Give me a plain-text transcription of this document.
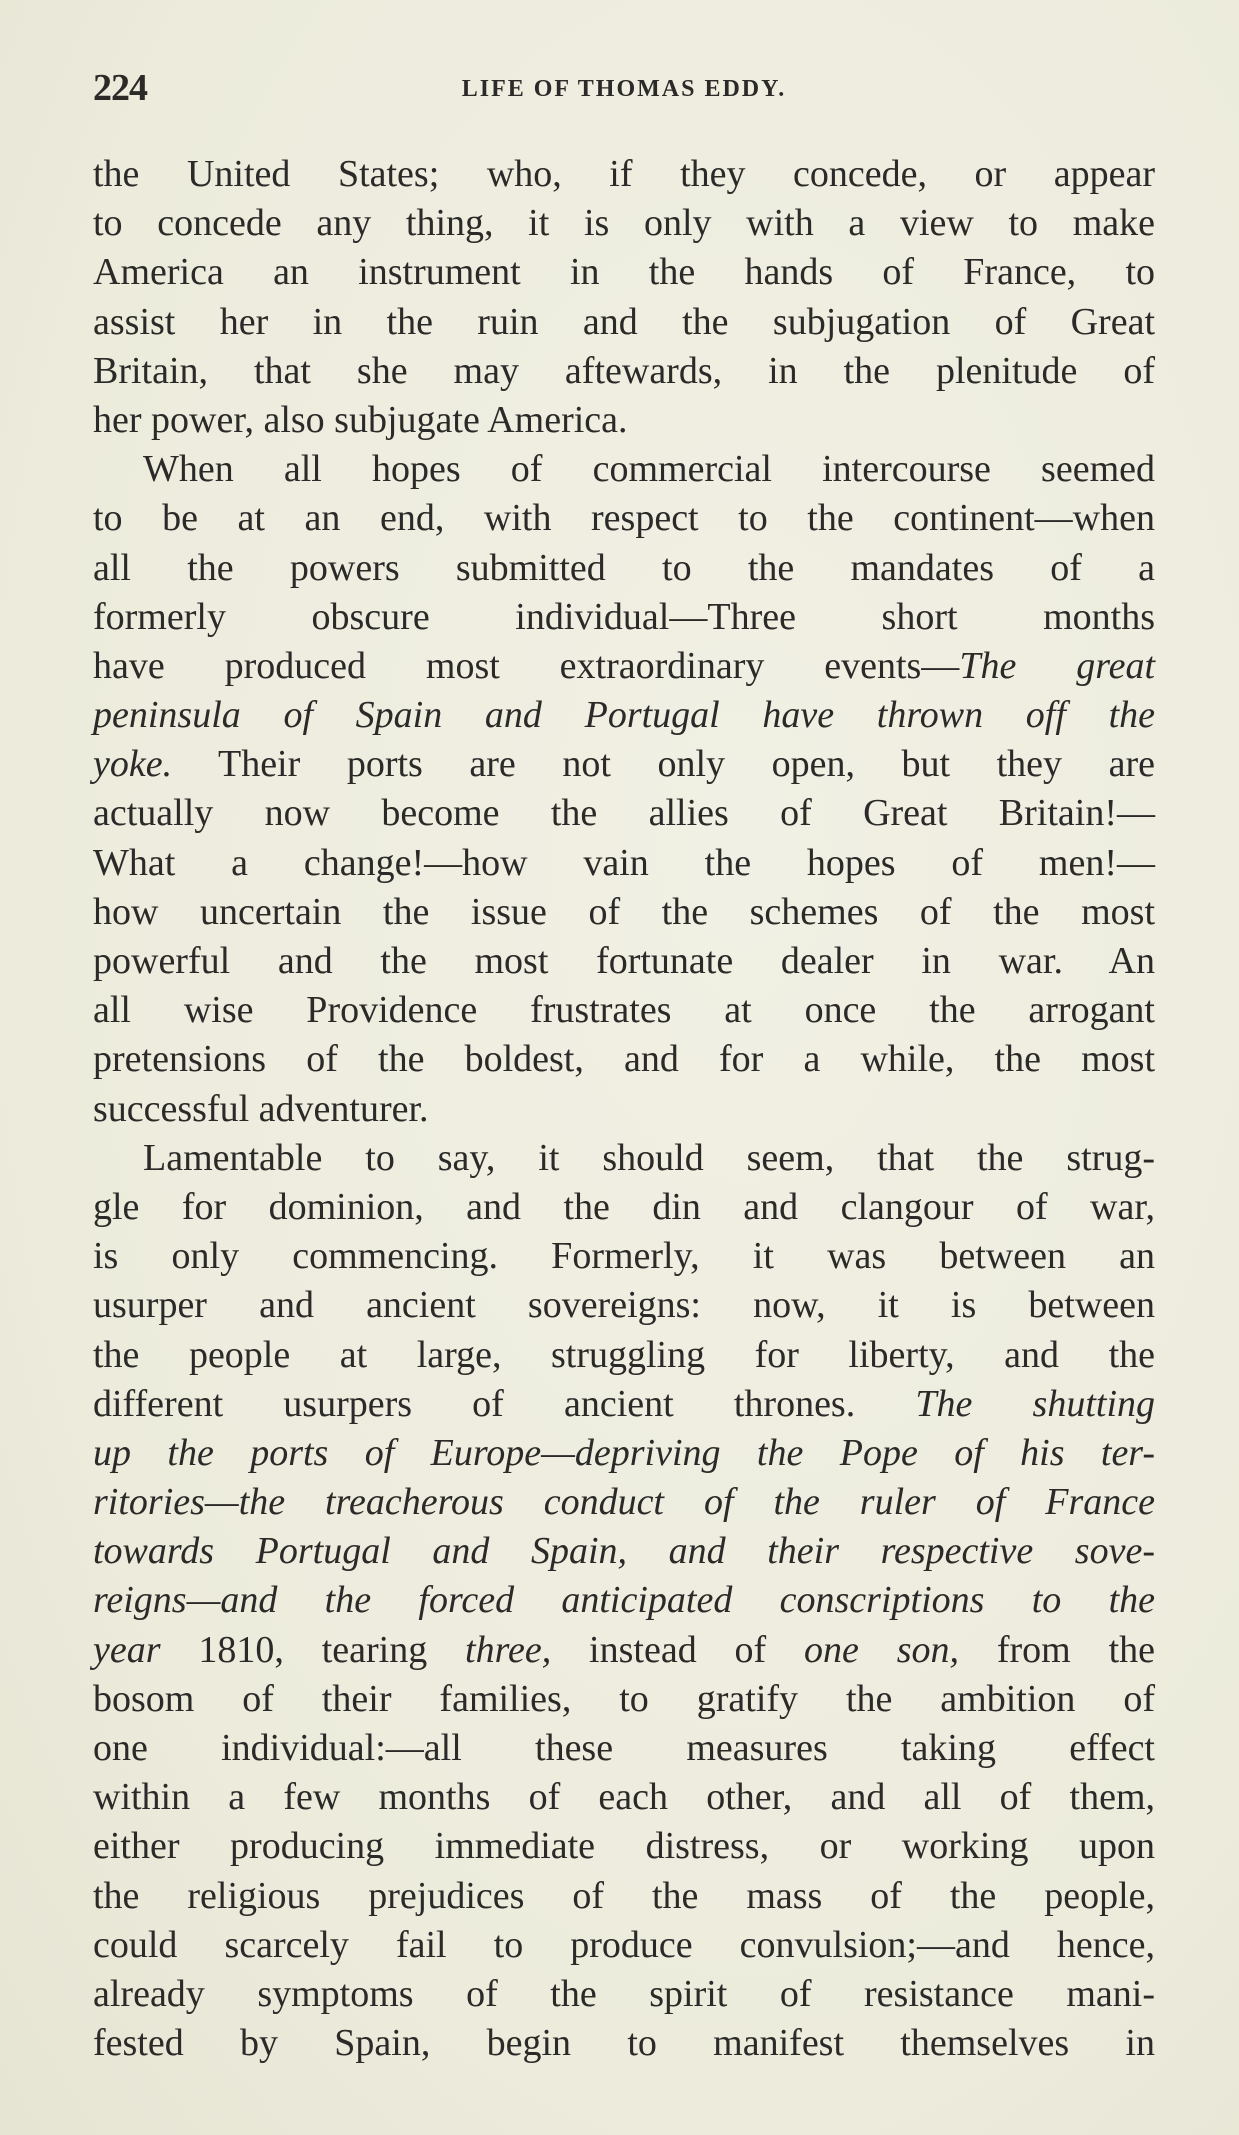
224	LIFE OF THOMAS EDDY.
the United States; who, if they concede, or appear
to concede any thing, it is only with a view to make
America an instrument in the hands of France, to
assist her in the ruin and the subjugation of Great
Britain, that she may aftewards, in the plenitude of
her power, also subjugate America.
When all hopes of commercial intercourse seemed
to be at an end, with respect to the continent—when
all the powers submitted to the mandates of a
formerly obscure individual—Three short months
have produced most extraordinary events—The great
peninsula of Spain and Portugal have thrown off the
yoke. Their ports are not only open, but they are
actually now become the allies of Great Britain!—
What a change!—how vain the hopes of men!—
how uncertain the issue of the schemes of the most
powerful and the most fortunate dealer in war. An
all wise Providence frustrates at once the arrogant
pretensions of the boldest, and for a while, the most
successful adventurer.
Lamentable to say, it should seem, that the strug-
gle for dominion, and the din and clangour of war,
is only commencing. Formerly, it was between an
usurper and ancient sovereigns: now, it is between
the people at large, struggling for liberty, and the
different usurpers of ancient thrones. The shutting
up the ports of Europe—depriving the Pope of his ter-
ritories—the treacherous conduct of the ruler of France
towards Portugal and Spain, and their respective sove-
reigns—and the forced anticipated conscriptions to the
year 1810, tearing three, instead of one son, from the
bosom of their families, to gratify the ambition of
one individual:—all these measures taking effect
within a few months of each other, and all of them,
either producing immediate distress, or working upon
the religious prejudices of the mass of the people,
could scarcely fail to produce convulsion;—and hence,
already symptoms of the spirit of resistance mani-
fested by Spain, begin to manifest themselves in
